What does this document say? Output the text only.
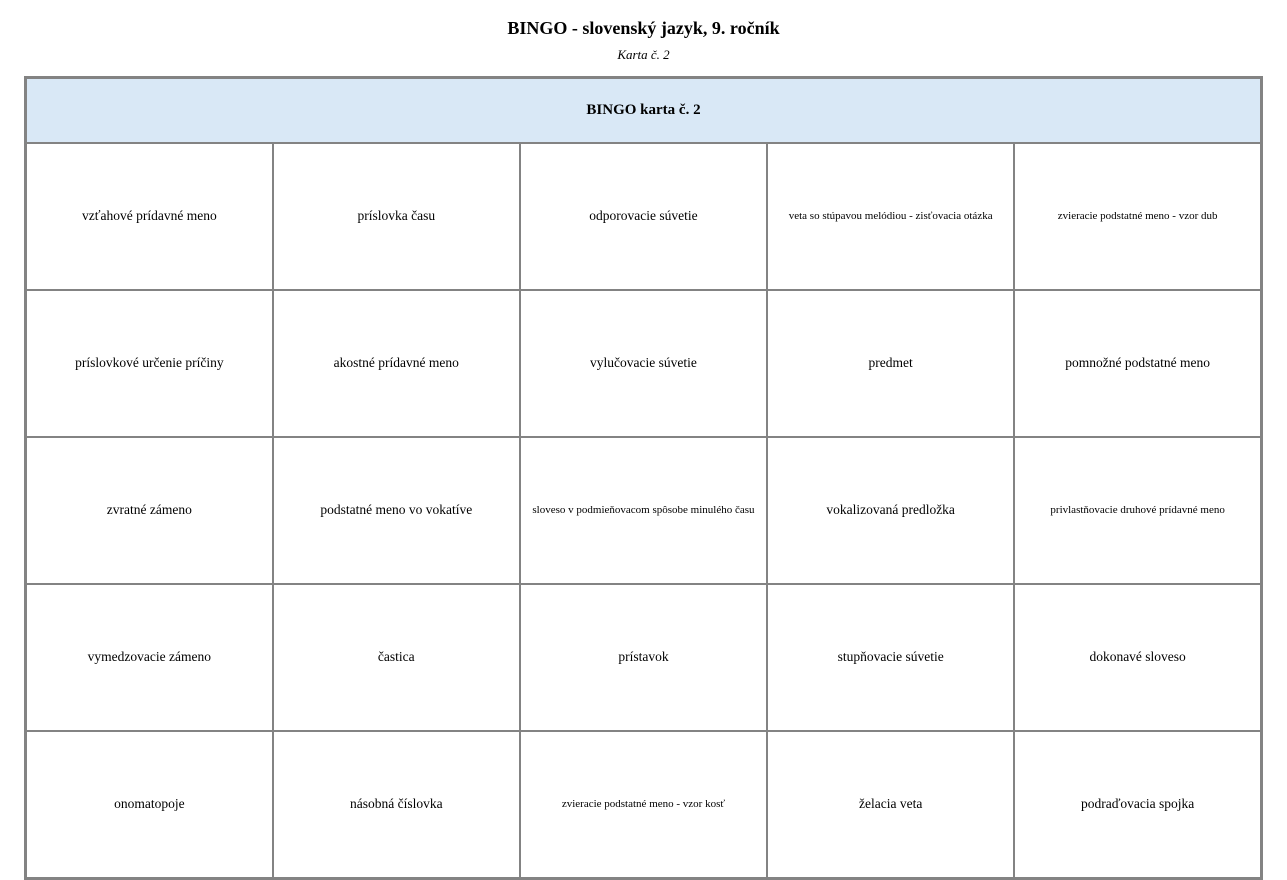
BINGO - slovenský jazyk, 9. ročník
Karta č. 2
BINGO karta č. 2				
vzťahové prídavné meno	príslovka času	odporovacie súvetie	veta so stúpavou melódiou - zisťovacia otázka	zvieracie podstatné meno - vzor dub
príslovkové určenie príčiny	akostné prídavné meno	vylučovacie súvetie	predmet	pomnožné podstatné meno
zvratné zámeno	podstatné meno vo vokatíve	sloveso v podmieňovacom spôsobe minulého času	vokalizovaná predložka	privlastňovacie druhové prídavné meno
vymedzovacie zámeno	častica	prístavok	stupňovacie súvetie	dokonavé sloveso
onomatopoje	násobná číslovka	zvieracie podstatné meno - vzor kosť	želacia veta	podraďovacia spojka
